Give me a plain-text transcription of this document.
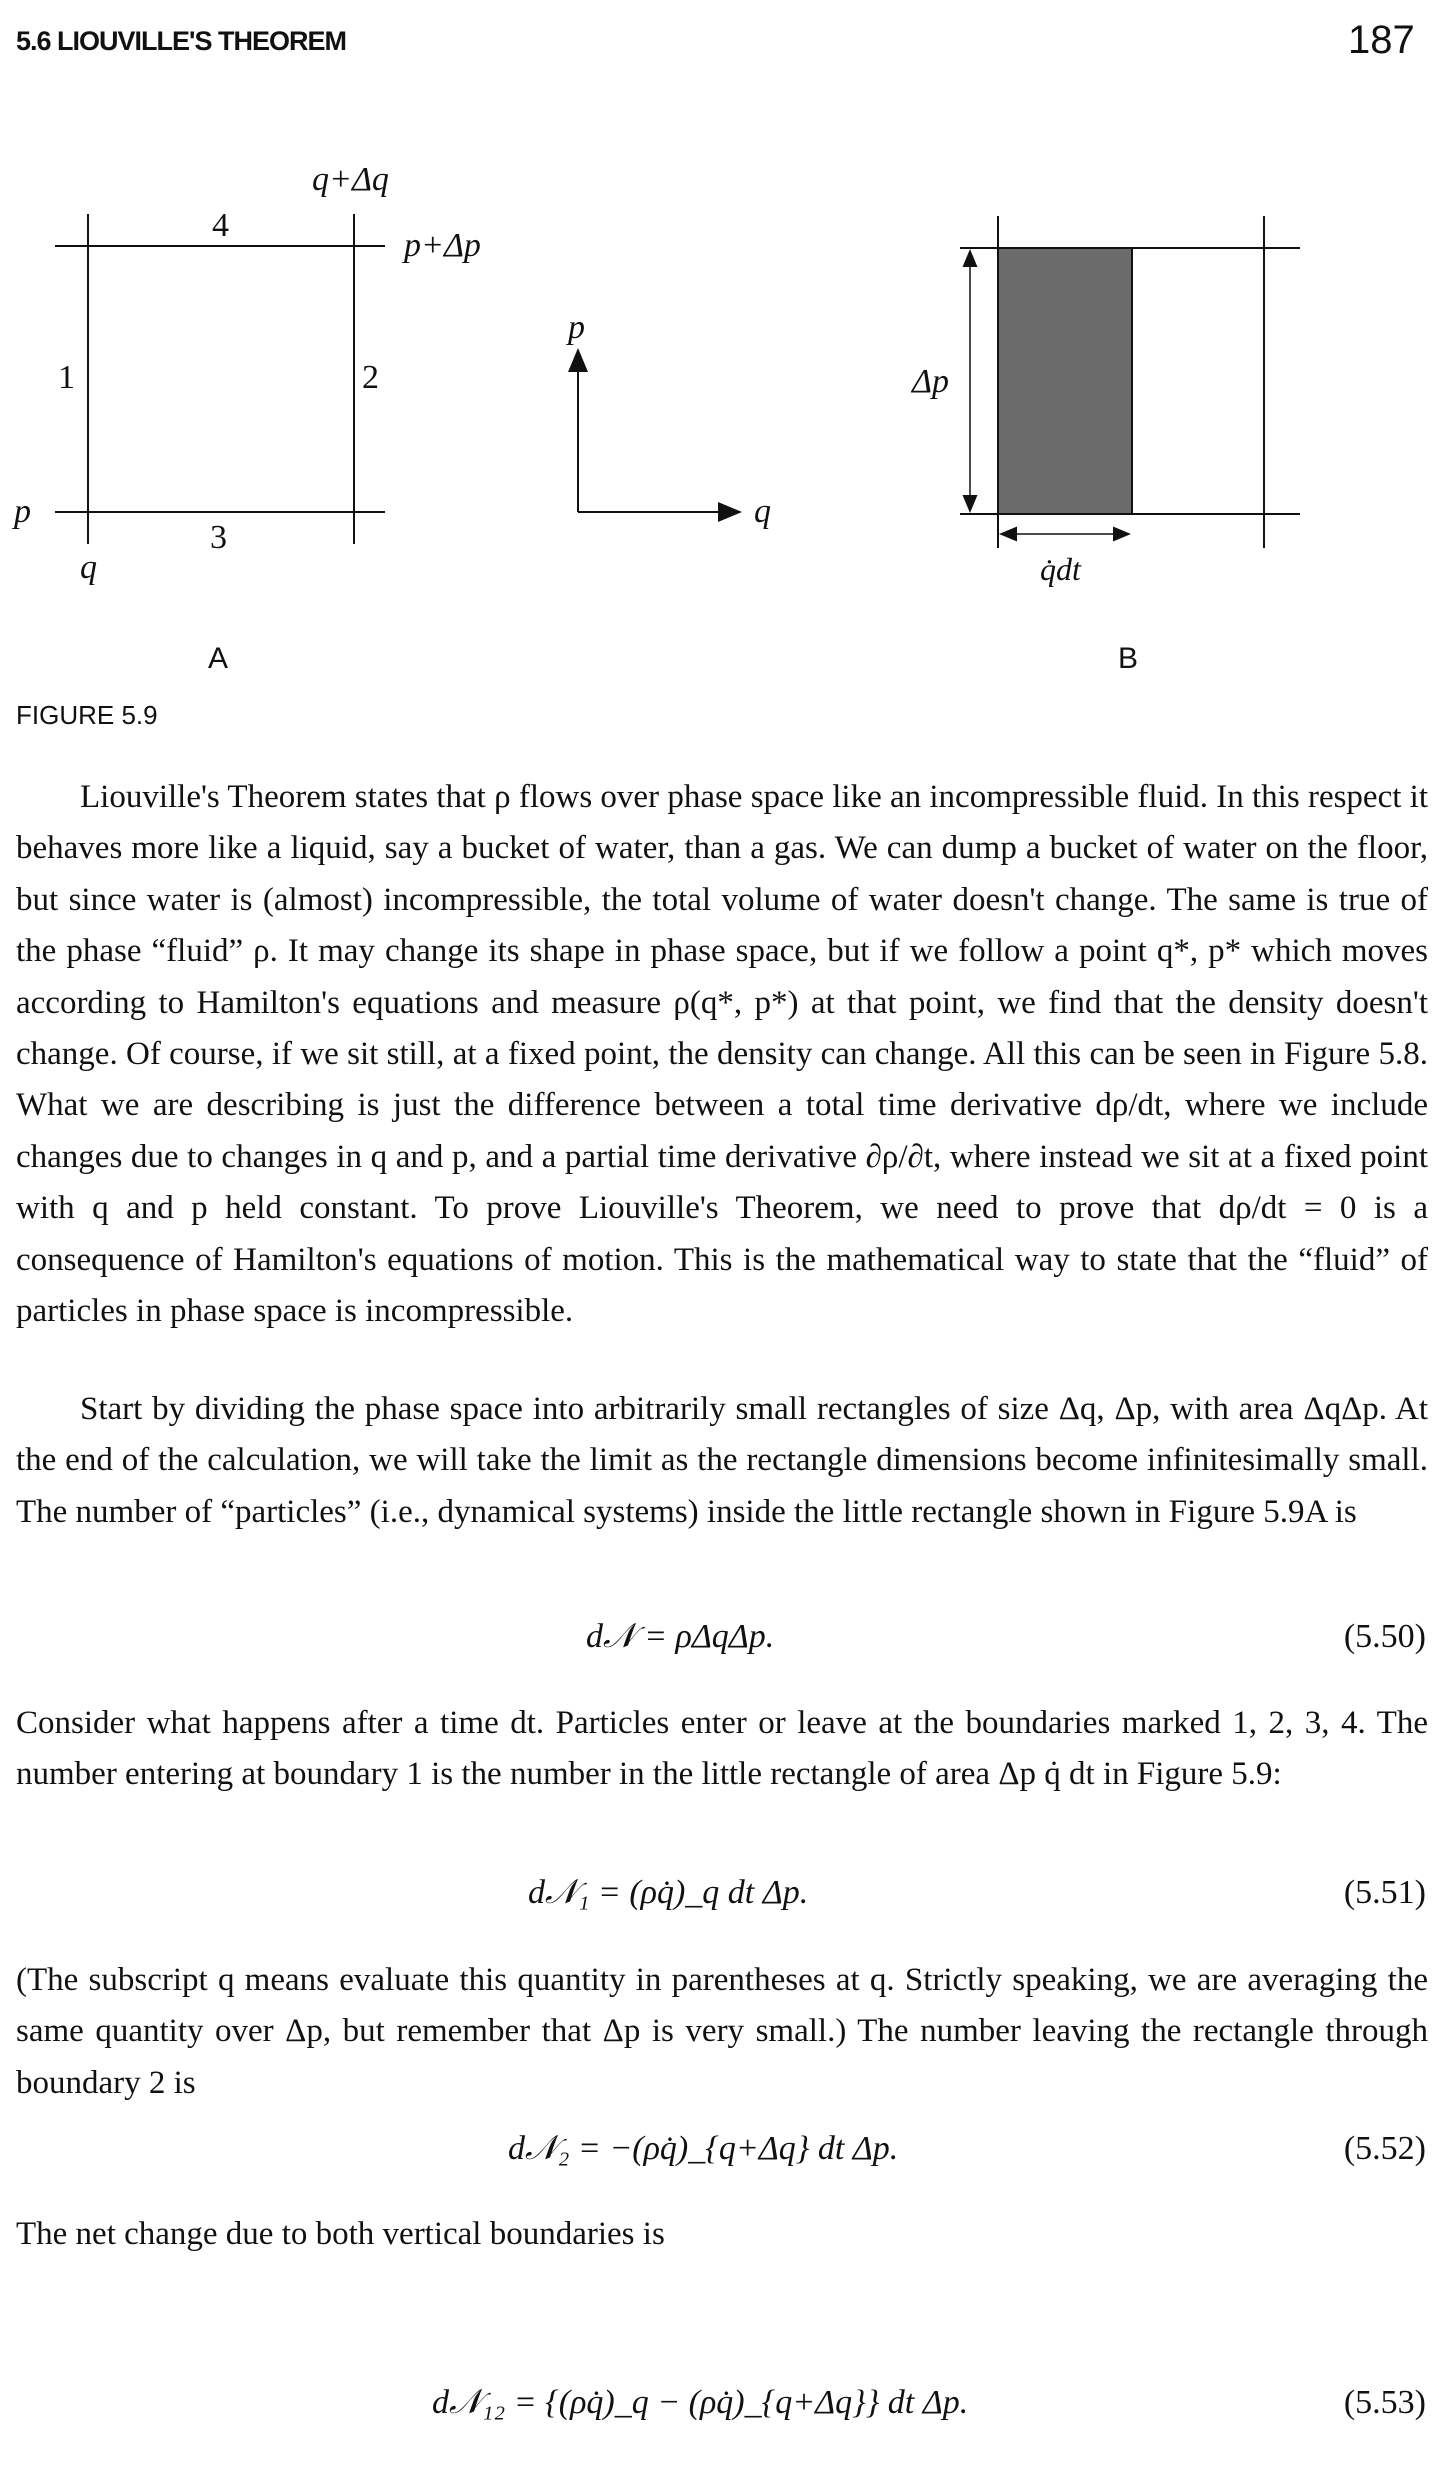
5.6 LIOUVILLE'S THEOREM	187
q+Δq
p+Δp
p
q
1	2
3
4
A
p
q
Δp
q̇dt
B
FIGURE 5.9
Liouville's Theorem states that ρ flows over phase space like an incompressible fluid. In this respect it behaves more like a liquid, say a bucket of water, than a gas. We can dump a bucket of water on the floor, but since water is (almost) incompressible, the total volume of water doesn't change. The same is true of the phase “fluid” ρ. It may change its shape in phase space, but if we follow a point q*, p* which moves according to Hamilton's equations and measure ρ(q*, p*) at that point, we find that the density doesn't change. Of course, if we sit still, at a fixed point, the density can change. All this can be seen in Figure 5.8. What we are describing is just the difference between a total time derivative dρ/dt, where we include changes due to changes in q and p, and a partial time derivative ∂ρ/∂t, where instead we sit at a fixed point with q and p held constant. To prove Liouville's Theorem, we need to prove that dρ/dt = 0 is a consequence of Hamilton's equations of motion. This is the mathematical way to state that the “fluid” of particles in phase space is incompressible.
Start by dividing the phase space into arbitrarily small rectangles of size Δq, Δp, with area ΔqΔp. At the end of the calculation, we will take the limit as the rectangle dimensions become infinitesimally small. The number of “particles” (i.e., dynamical systems) inside the little rectangle shown in Figure 5.9A is
d𝒩 = ρΔqΔp.	(5.50)
Consider what happens after a time dt. Particles enter or leave at the boundaries marked 1, 2, 3, 4. The number entering at boundary 1 is the number in the little rectangle of area Δp q̇ dt in Figure 5.9:
d𝒩₁ = (ρq̇)_q dt Δp.	(5.51)
(The subscript q means evaluate this quantity in parentheses at q. Strictly speaking, we are averaging the same quantity over Δp, but remember that Δp is very small.) The number leaving the rectangle through boundary 2 is
d𝒩₂ = −(ρq̇)_{q+Δq} dt Δp.	(5.52)
The net change due to both vertical boundaries is
d𝒩₁₂ = {(ρq̇)_q − (ρq̇)_{q+Δq}} dt Δp.	(5.53)
